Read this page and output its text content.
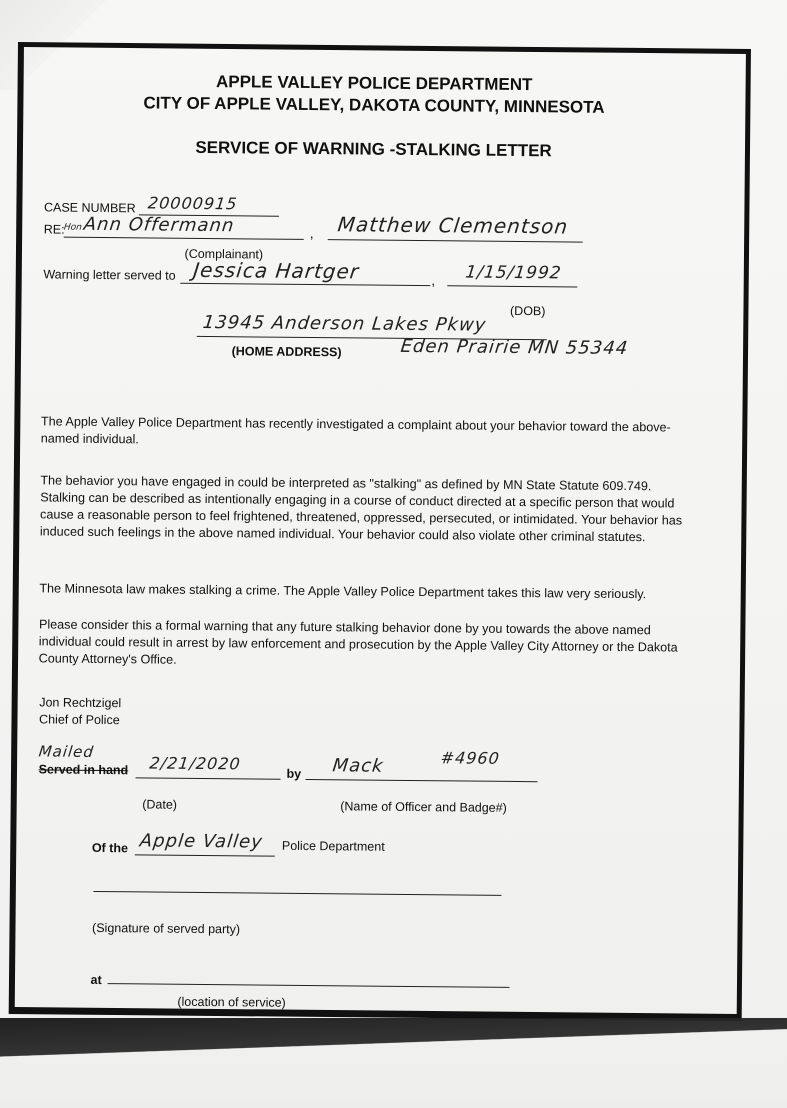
APPLE VALLEY POLICE DEPARTMENT
CITY OF APPLE VALLEY, DAKOTA COUNTY, MINNESOTA
SERVICE OF WARNING -STALKING LETTER
CASE NUMBER 20000915
RE:
Hon Ann Offermann	, Matthew Clementson
(Complainant)
Warning letter served to Jessica Hartger	, 1/15/1992
(DOB)
13945 Anderson Lakes Pkwy
(HOME ADDRESS)	Eden Prairie MN 55344
The Apple Valley Police Department has recently investigated a complaint about your behavior toward the above-named individual.
The behavior you have engaged in could be interpreted as "stalking" as defined by MN State Statute 609.749. Stalking can be described as intentionally engaging in a course of conduct directed at a specific person that would cause a reasonable person to feel frightened, threatened, oppressed, persecuted, or intimidated. Your behavior has induced such feelings in the above named individual. Your behavior could also violate other criminal statutes.
The Minnesota law makes stalking a crime. The Apple Valley Police Department takes this law very seriously.
Please consider this a formal warning that any future stalking behavior done by you towards the above named individual could result in arrest by law enforcement and prosecution by the Apple Valley City Attorney or the Dakota County Attorney's Office.
Jon Rechtzigel
Chief of Police
Mailed
Served in hand 2/21/2020
by Mack	#4960
(Date)	(Name of Officer and Badge#)
Of the Apple Valley Police Department
(Signature of served party)
at
(location of service)
